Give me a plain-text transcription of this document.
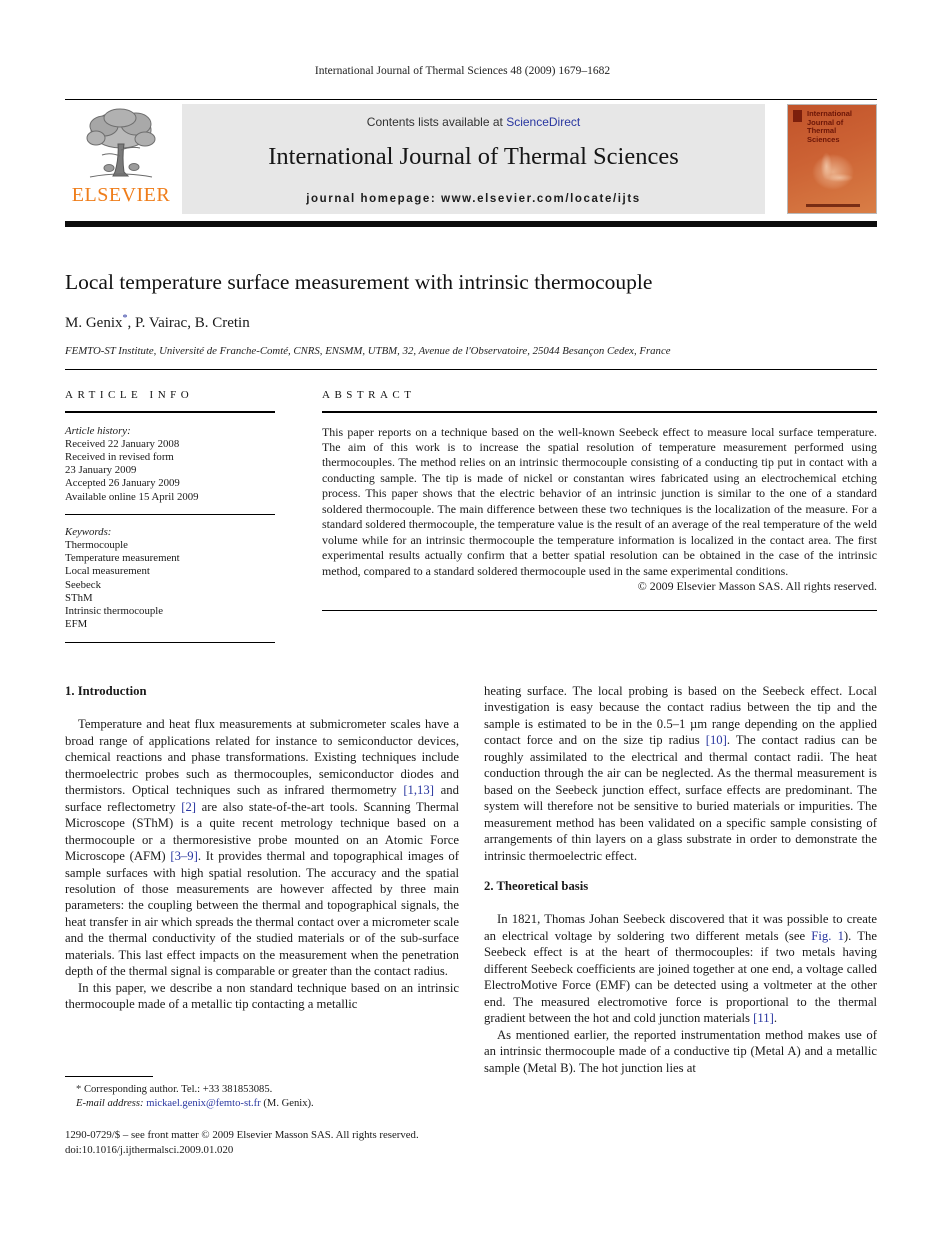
International Journal of Thermal Sciences 48 (2009) 1679–1682
ELSEVIER
Contents lists available at ScienceDirect
International Journal of Thermal Sciences
journal homepage: www.elsevier.com/locate/ijts
International Journal of Thermal Sciences
Local temperature surface measurement with intrinsic thermocouple
M. Genix*, P. Vairac, B. Cretin
FEMTO-ST Institute, Université de Franche-Comté, CNRS, ENSMM, UTBM, 32, Avenue de l'Observatoire, 25044 Besançon Cedex, France
ARTICLE INFO
Article history:
Received 22 January 2008
Received in revised form
23 January 2009
Accepted 26 January 2009
Available online 15 April 2009
Keywords:
Thermocouple
Temperature measurement
Local measurement
Seebeck
SThM
Intrinsic thermocouple
EFM
ABSTRACT
This paper reports on a technique based on the well-known Seebeck effect to measure local surface temperature. The aim of this work is to increase the spatial resolution of temperature measurement performed using thermocouples. The method relies on an intrinsic thermocouple consisting of a conducting tip put in contact with a conducting sample. The tip is made of nickel or constantan wires fabricated using an electrochemical etching process. This paper shows that the electric behavior of an intrinsic junction is similar to the one of a standard soldered thermocouple. The main difference between these two techniques is the localization of the measure. For a standard soldered thermocouple, the temperature value is the result of an average of the real temperature of the weld volume while for an intrinsic thermocouple the temperature information is localized in the contact area. The first experimental results actually confirm that a better spatial resolution can be obtained in the case of the intrinsic method, compared to a standard soldered thermocouple used in the same experimental conditions.
© 2009 Elsevier Masson SAS. All rights reserved.
1. Introduction

Temperature and heat flux measurements at submicrometer scales have a broad range of applications related for instance to semiconductor devices, chemical reactions and phase transformations. Existing techniques include thermoelectric probes such as thermocouples, semiconductor diodes and thermistors. Optical techniques such as infrared thermometry [1,13] and surface reflectometry [2] are also state-of-the-art tools. Scanning Thermal Microscope (SThM) is a quite recent metrology technique based on a thermocouple or a thermoresistive probe mounted on an Atomic Force Microscope (AFM) [3–9]. It provides thermal and topographical images of sample surfaces with high spatial resolution. The accuracy and the spatial resolution of those measurements are however affected by three main parameters: the coupling between the thermal and topographical signals, the heat transfer in air which spreads the thermal contact over a micrometer scale and the thermal conductivity of the studied materials or of the sub-surface materials. This last effect impacts on the measurement when the penetration depth of the thermal signal is comparable or greater than the contact radius.

In this paper, we describe a non standard technique based on an intrinsic thermocouple made of a metallic tip contacting a metallic

heating surface. The local probing is based on the Seebeck effect. Local investigation is easy because the contact radius between the tip and the sample is estimated to be in the 0.5–1 µm range depending on the applied contact force and on the size tip radius [10]. The contact radius can be roughly assimilated to the electrical and thermal contact radii. The heat conduction through the air can be neglected. As the thermal measurement is based on the Seebeck junction effect, surface effects are predominant. The system will therefore not be sensitive to buried materials or impurities. The measurement method has been validated on a specific sample consisting of arrangements of thin layers on a glass substrate in order to demonstrate the intrinsic thermoelectric effect.

2. Theoretical basis

In 1821, Thomas Johan Seebeck discovered that it was possible to create an electrical voltage by soldering two different metals (see Fig. 1). The Seebeck effect is at the heart of thermocouples: if two metals having different Seebeck coefficients are joined together at one end, a voltage called ElectroMotive Force (EMF) can be detected using a voltmeter at the other end. The measured electromotive force is proportional to the thermal gradient between the hot and cold junction materials [11].

As mentioned earlier, the reported instrumentation method makes use of an intrinsic thermocouple made of a conductive tip (Metal A) and a metallic sample (Metal B). The hot junction lies at

* Corresponding author. Tel.: +33 381853085.
E-mail address: mickael.genix@femto-st.fr (M. Genix).
1290-0729/$ – see front matter © 2009 Elsevier Masson SAS. All rights reserved.
doi:10.1016/j.ijthermalsci.2009.01.020
